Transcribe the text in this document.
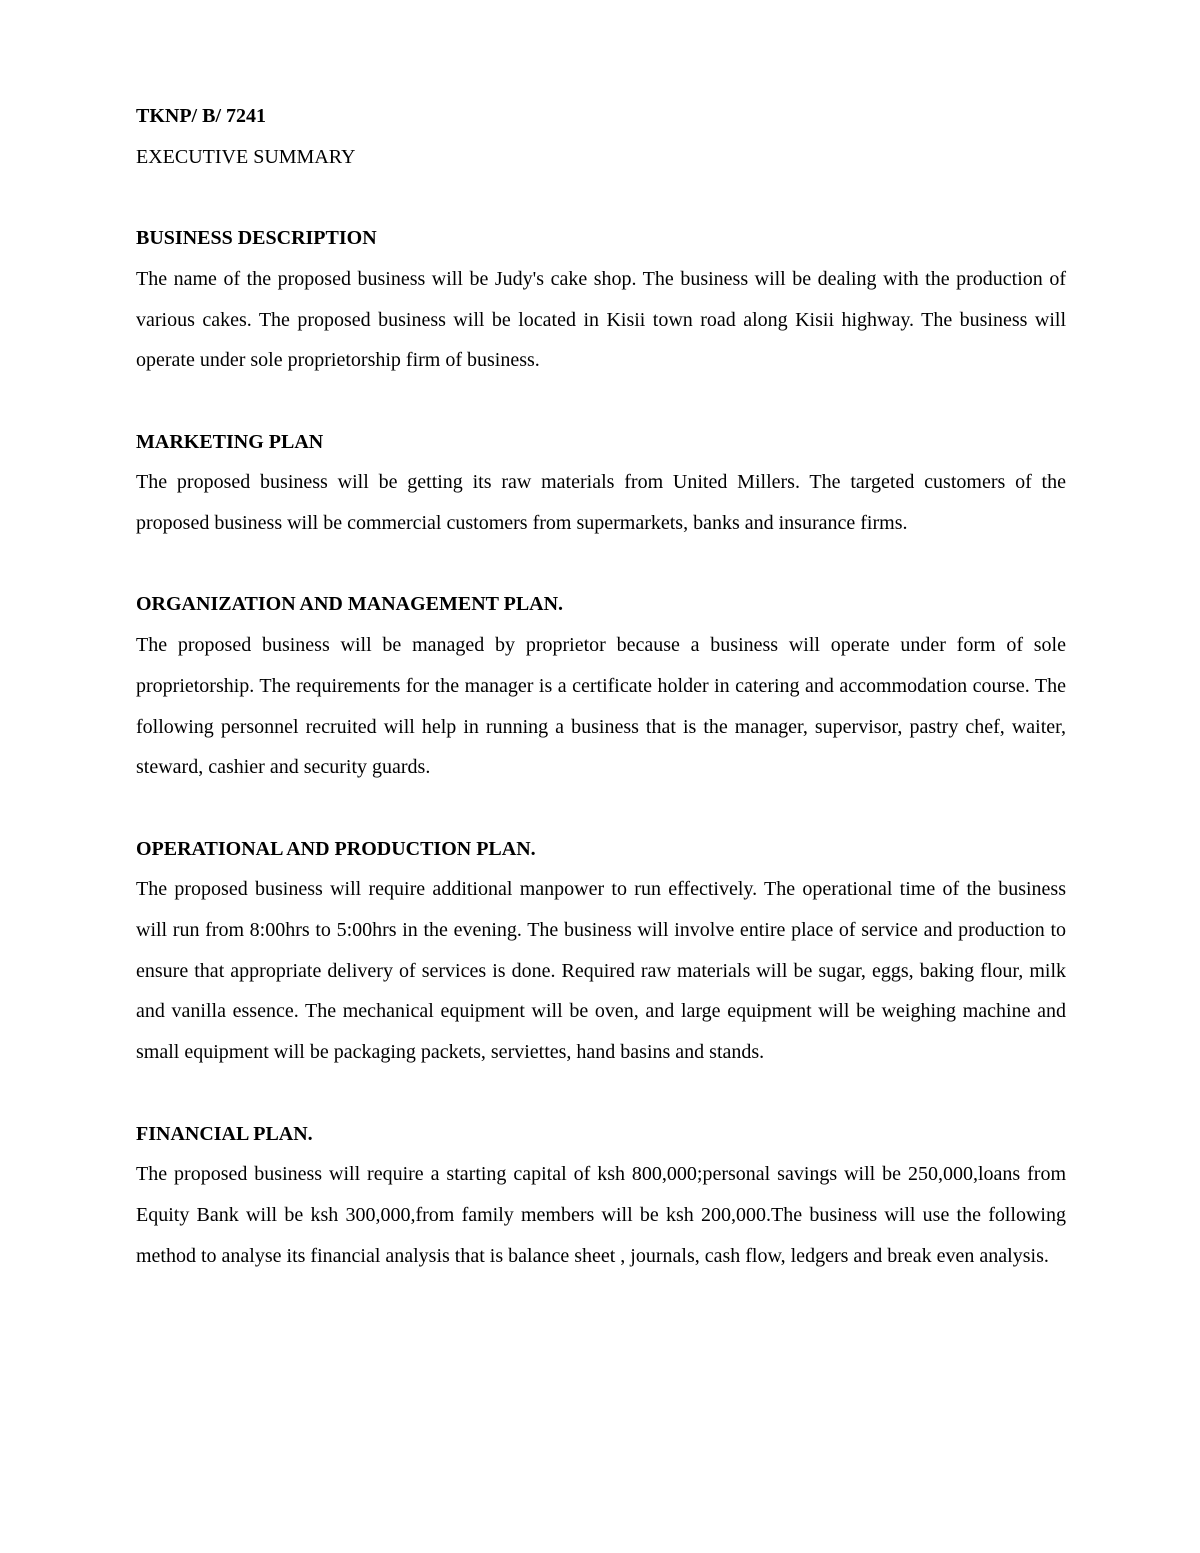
TKNP/ B/ 7241
EXECUTIVE SUMMARY
BUSINESS DESCRIPTION

The name of the proposed business will be Judy's cake shop. The business will be dealing with the production of various cakes. The proposed business will be located in Kisii town road along Kisii highway. The business will operate under sole proprietorship firm of business.

MARKETING PLAN

The proposed business will be getting its raw materials from United Millers. The targeted customers of the proposed business will be commercial customers from supermarkets, banks and insurance firms.

ORGANIZATION AND MANAGEMENT PLAN.

The proposed business will be managed by proprietor because a business will operate under form of sole proprietorship. The requirements for the manager is a certificate holder in catering and accommodation course. The following personnel recruited will help in running a business that is the manager, supervisor, pastry chef, waiter, steward, cashier and security guards.

OPERATIONAL AND PRODUCTION PLAN.

The proposed business will require additional manpower to run effectively. The operational time of the business will run from 8:00hrs to 5:00hrs in the evening. The business will involve entire place of service and production to ensure that appropriate delivery of services is done. Required raw materials will be sugar, eggs, baking flour, milk and vanilla essence. The mechanical equipment will be oven, and large equipment will be weighing machine and small equipment will be packaging packets, serviettes, hand basins and stands.

FINANCIAL PLAN.

The proposed business will require a starting capital of ksh 800,000;personal savings will be 250,000,loans from Equity Bank will be ksh 300,000,from family members will be ksh 200,000.The business will use the following method to analyse its financial analysis that is balance sheet , journals, cash flow, ledgers and break even analysis.
